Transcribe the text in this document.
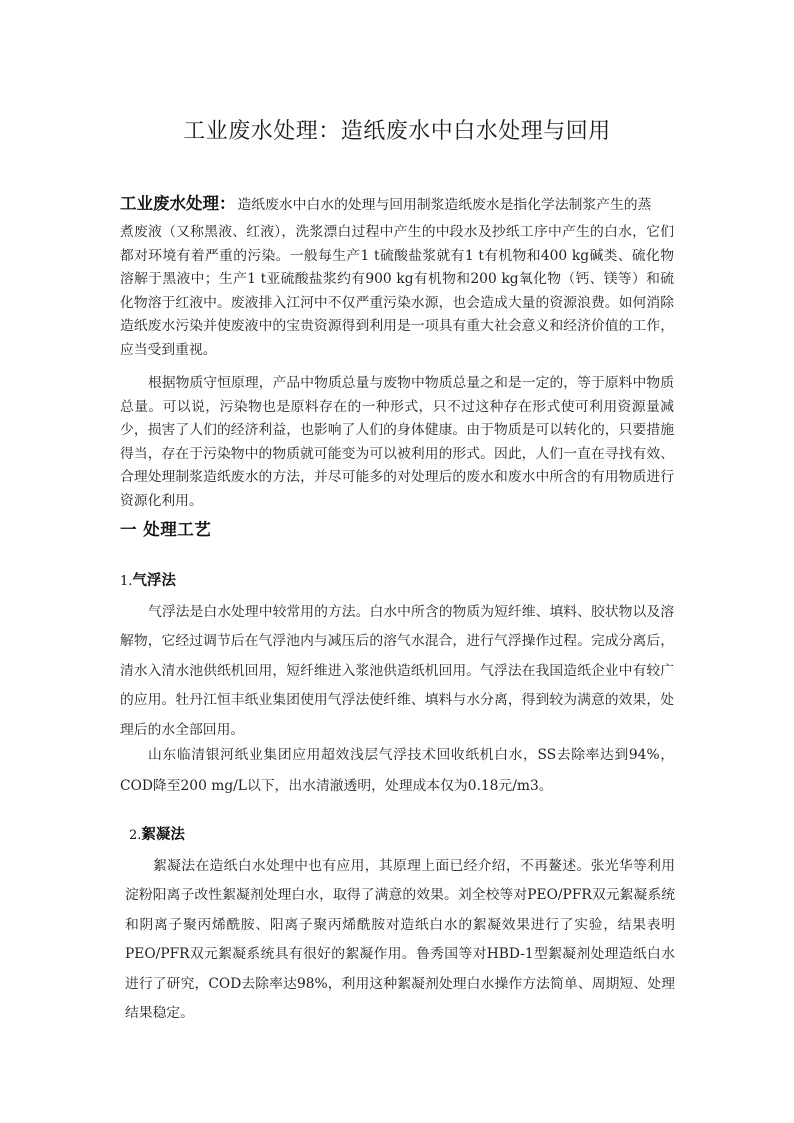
工业废水处理：造纸废水中白水处理与回用

工业废水处理： 造纸废水中白水的处理与回用制浆造纸废水是指化学法制浆产生的蒸
煮废液（又称黑液、红液），洗浆漂白过程中产生的中段水及抄纸工序中产生的白水，它们都对环境有着严重的污染。一般每生产1 t硫酸盐浆就有1 t有机物和400 kg碱类、硫化物溶解于黑液中；生产1 t亚硫酸盐浆约有900 kg有机物和200 kg氧化物（钙、镁等）和硫化物溶于红液中。废液排入江河中不仅严重污染水源，也会造成大量的资源浪费。如何消除造纸废水污染并使废液中的宝贵资源得到利用是一项具有重大社会意义和经济价值的工作，应当受到重视。

根据物质守恒原理，产品中物质总量与废物中物质总量之和是一定的，等于原料中物质总量。可以说，污染物也是原料存在的一种形式，只不过这种存在形式使可利用资源量减少，损害了人们的经济利益，也影响了人们的身体健康。由于物质是可以转化的，只要措施得当，存在于污染物中的物质就可能变为可以被利用的形式。因此，人们一直在寻找有效、合理处理制浆造纸废水的方法，并尽可能多的对处理后的废水和废水中所含的有用物质进行资源化利用。

一 处理工艺
1.气浮法

气浮法是白水处理中较常用的方法。白水中所含的物质为短纤维、填料、胶状物以及溶解物，它经过调节后在气浮池内与减压后的溶气水混合，进行气浮操作过程。完成分离后，清水入清水池供纸机回用，短纤维进入浆池供造纸机回用。气浮法在我国造纸企业中有较广的应用。牡丹江恒丰纸业集团使用气浮法使纤维、填料与水分离，得到较为满意的效果，处理后的水全部回用。

山东临清银河纸业集团应用超效浅层气浮技术回收纸机白水，SS去除率达到94%，COD降至200 mg/L以下，出水清澈透明，处理成本仅为0.18元/m3。

2.絮凝法

絮凝法在造纸白水处理中也有应用，其原理上面已经介绍，不再鳌述。张光华等利用淀粉阳离子改性絮凝剂处理白水，取得了满意的效果。刘全校等对PEO/PFR双元絮凝系统和阴离子聚丙烯酰胺、阳离子聚丙烯酰胺对造纸白水的絮凝效果进行了实验，结果表明PEO/PFR双元絮凝系统具有很好的絮凝作用。鲁秀国等对HBD-1型絮凝剂处理造纸白水进行了研究，COD去除率达98%，利用这种絮凝剂处理白水操作方法简单、周期短、处理结果稳定。
